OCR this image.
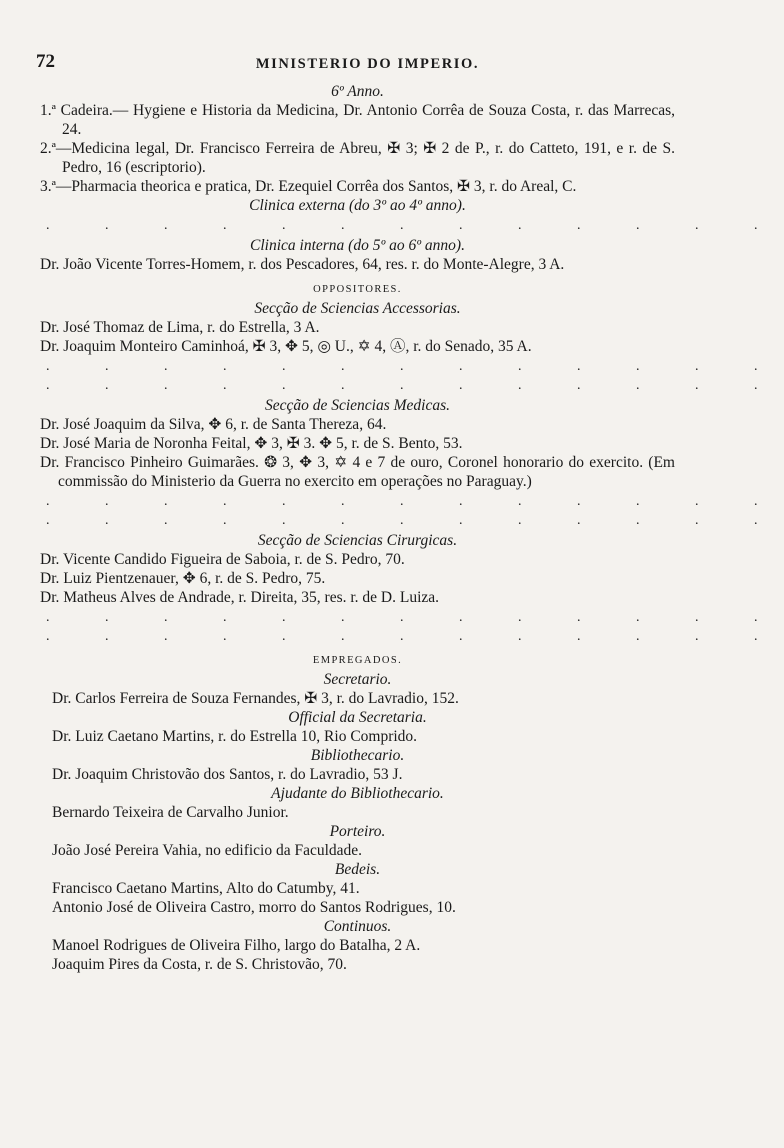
72	MINISTERIO DO IMPERIO.

6º Anno.

1.ª Cadeira.— Hygiene e Historia da Medicina, Dr. Antonio Corrêa de Souza Costa, r. das Marrecas, 24.

2.ª—Medicina legal, Dr. Francisco Ferreira de Abreu, ✠ 3; ✠ 2 de P., r. do Catteto, 191, e r. de S. Pedro, 16 (escriptorio).

3.ª—Pharmacia theorica e pratica, Dr. Ezequiel Corrêa dos Santos, ✠ 3, r. do Areal, C.

Clinica externa (do 3º ao 4º anno).

. . . . . . . . . . . . .

Clinica interna (do 5º ao 6º anno).

Dr. João Vicente Torres-Homem, r. dos Pescadores, 64, res. r. do Monte-Alegre, 3 A.

OPPOSITORES.

Secção de Sciencias Accessorias.

Dr. José Thomaz de Lima, r. do Estrella, 3 A.

Dr. Joaquim Monteiro Caminhoá, ✠ 3, ✥ 5, ◎ U., ✡ 4, Ⓐ, r. do Senado, 35 A.

. . . . . . . . . . . . .
. . . . . . . . . . . . .

Secção de Sciencias Medicas.

Dr. José Joaquim da Silva, ✥ 6, r. de Santa Thereza, 64.

Dr. José Maria de Noronha Feital, ✥ 3, ✠ 3. ✥ 5, r. de S. Bento, 53.

Dr. Francisco Pinheiro Guimarães. ❂ 3, ✥ 3, ✡ 4 e 7 de ouro, Coronel honorario do exercito. (Em commissão do Ministerio da Guerra no exercito em operações no Paraguay.)

. . . . . . . . . . . . .
. . . . . . . . . . . . .

Secção de Sciencias Cirurgicas.

Dr. Vicente Candido Figueira de Saboia, r. de S. Pedro, 70.

Dr. Luiz Pientzenauer, ✥ 6, r. de S. Pedro, 75.

Dr. Matheus Alves de Andrade, r. Direita, 35, res. r. de D. Luiza.

. . . . . . . . . . . . .
. . . . . . . . . . . . .

EMPREGADOS.

Secretario.

Dr. Carlos Ferreira de Souza Fernandes, ✠ 3, r. do Lavradio, 152.

Official da Secretaria.

Dr. Luiz Caetano Martins, r. do Estrella 10, Rio Comprido.

Bibliothecario.

Dr. Joaquim Christovão dos Santos, r. do Lavradio, 53 J.

Ajudante do Bibliothecario.

Bernardo Teixeira de Carvalho Junior.

Porteiro.

João José Pereira Vahia, no edificio da Faculdade.

Bedeis.

Francisco Caetano Martins, Alto do Catumby, 41.

Antonio José de Oliveira Castro, morro do Santos Rodrigues, 10.

Continuos.

Manoel Rodrigues de Oliveira Filho, largo do Batalha, 2 A.

Joaquim Pires da Costa, r. de S. Christovão, 70.
